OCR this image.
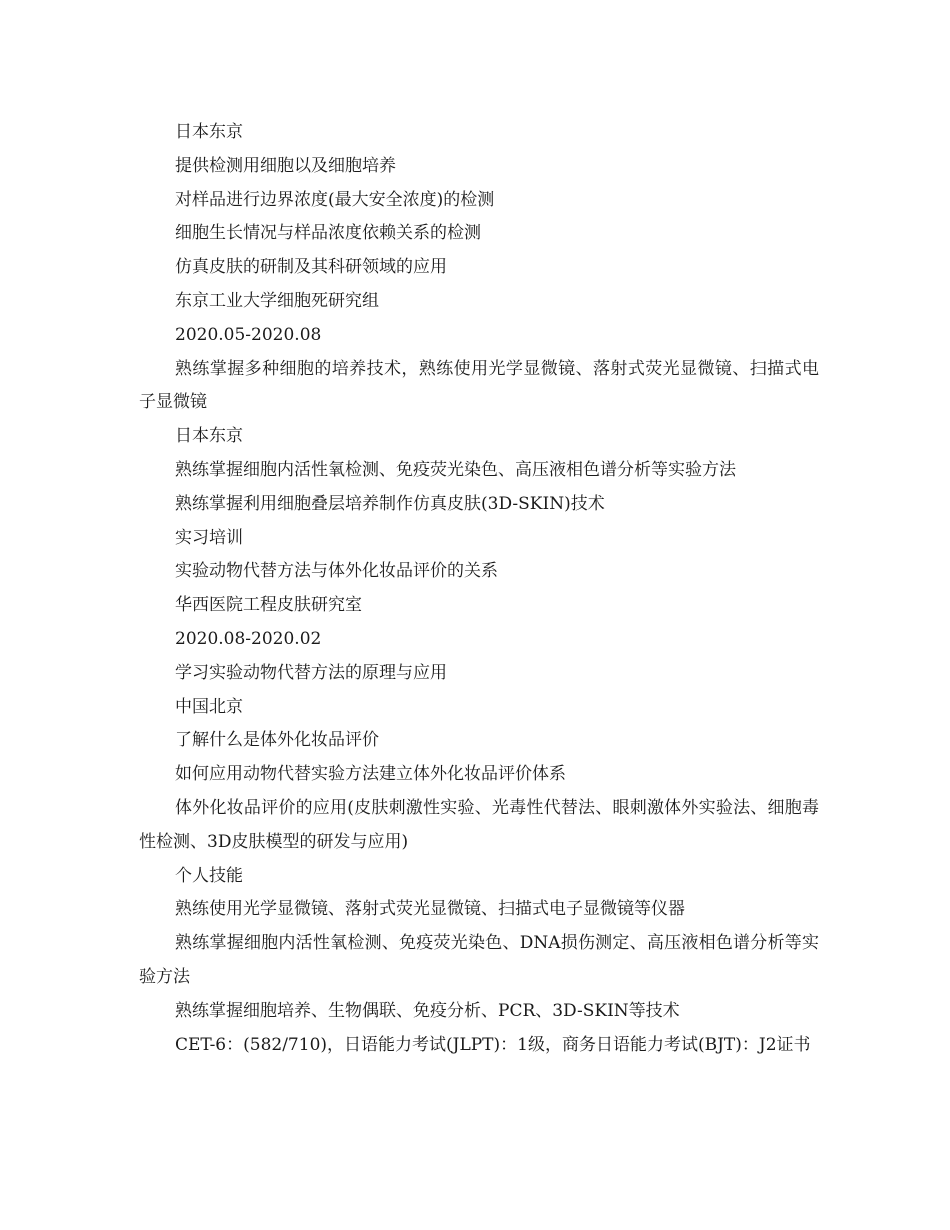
日本东京

提供检测用细胞以及细胞培养

对样品进行边界浓度(最大安全浓度)的检测

细胞生长情况与样品浓度依赖关系的检测

仿真皮肤的研制及其科研领域的应用

东京工业大学细胞死研究组

2020.05-2020.08

熟练掌握多种细胞的培养技术，熟练使用光学显微镜、落射式荧光显微镜、扫描式电子显微镜

日本东京

熟练掌握细胞内活性氧检测、免疫荧光染色、高压液相色谱分析等实验方法

熟练掌握利用细胞叠层培养制作仿真皮肤(3D-SKIN)技术

实习培训

实验动物代替方法与体外化妆品评价的关系

华西医院工程皮肤研究室

2020.08-2020.02

学习实验动物代替方法的原理与应用

中国北京

了解什么是体外化妆品评价

如何应用动物代替实验方法建立体外化妆品评价体系

体外化妆品评价的应用(皮肤刺激性实验、光毒性代替法、眼刺激体外实验法、细胞毒性检测、3D皮肤模型的研发与应用)

个人技能

熟练使用光学显微镜、落射式荧光显微镜、扫描式电子显微镜等仪器

熟练掌握细胞内活性氧检测、免疫荧光染色、DNA损伤测定、高压液相色谱分析等实验方法

熟练掌握细胞培养、生物偶联、免疫分析、PCR、3D-SKIN等技术

CET-6：(582/710)，日语能力考试(JLPT)：1级，商务日语能力考试(BJT)：J2证书
